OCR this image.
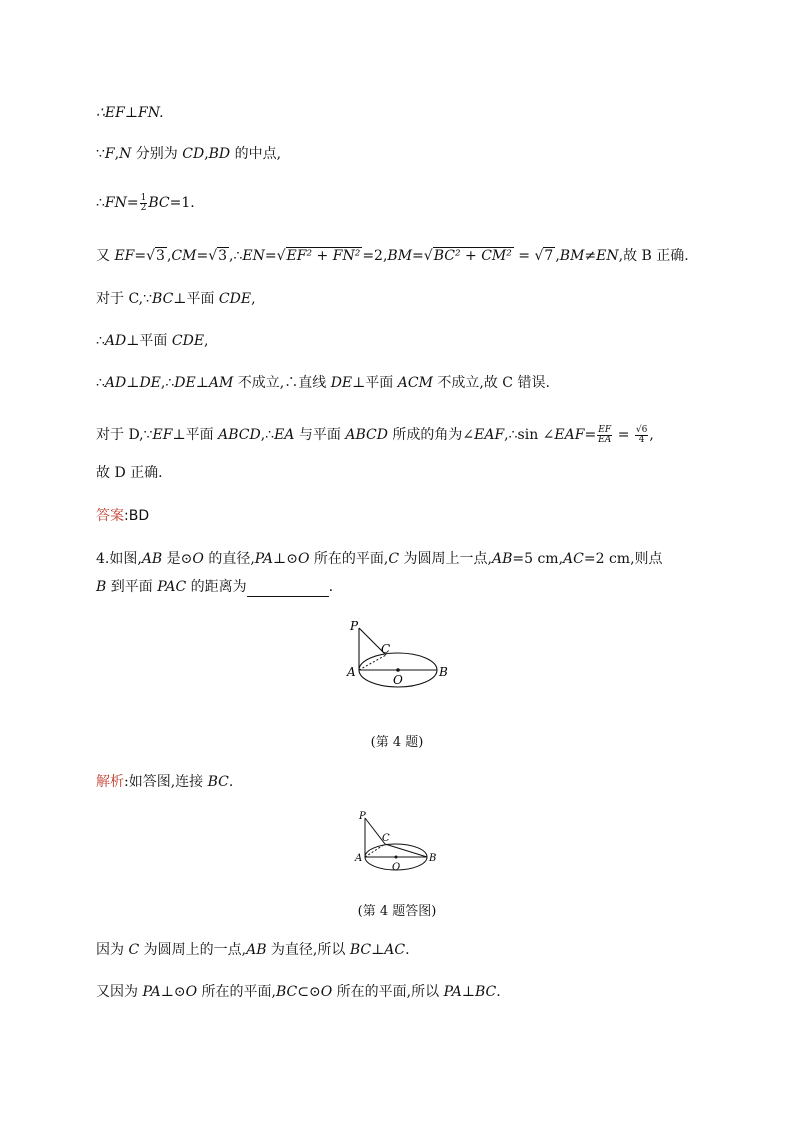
∴EF⊥FN.
∵F,N 分别为 CD,BD 的中点,
∴FN= $\frac{1}{2} BC=1$.
又 EF=√3 ,CM=√3 ,∴EN=√EF² + FN² =2,BM=√BC² + CM² = √7 ,BM≠EN,故 B 正确.
对于 C,∵BC⊥平面 CDE,
∴AD⊥平面 CDE,
∴AD⊥DE,∴DE⊥AM 不成立,∴直线 DE⊥平面 ACM 不成立,故 C 错误.
对于 D,∵EF⊥平面 ABCD,∴EA 与平面 ABCD 所成的角为∠EAF,∴sin ∠EAF= $\frac{EF}{EA} = \frac{√6}{4}$ ,
故 D 正确.
答案:BD
4.如图,AB 是⊙O 的直径,PA⊥⊙O 所在的平面,C 为圆周上一点,AB=5 cm,AC=2 cm,则点
B 到平面 PAC 的距离为	.
P
C
A
O
B
(第 4 题)
解析:如答图,连接 BC.
P
C
A
O
B
(第 4 题答图)
因为 C 为圆周上的一点,AB 为直径,所以 BC⊥AC.
又因为 PA⊥⊙O 所在的平面,BC⊂⊙O 所在的平面,所以 PA⊥BC.
